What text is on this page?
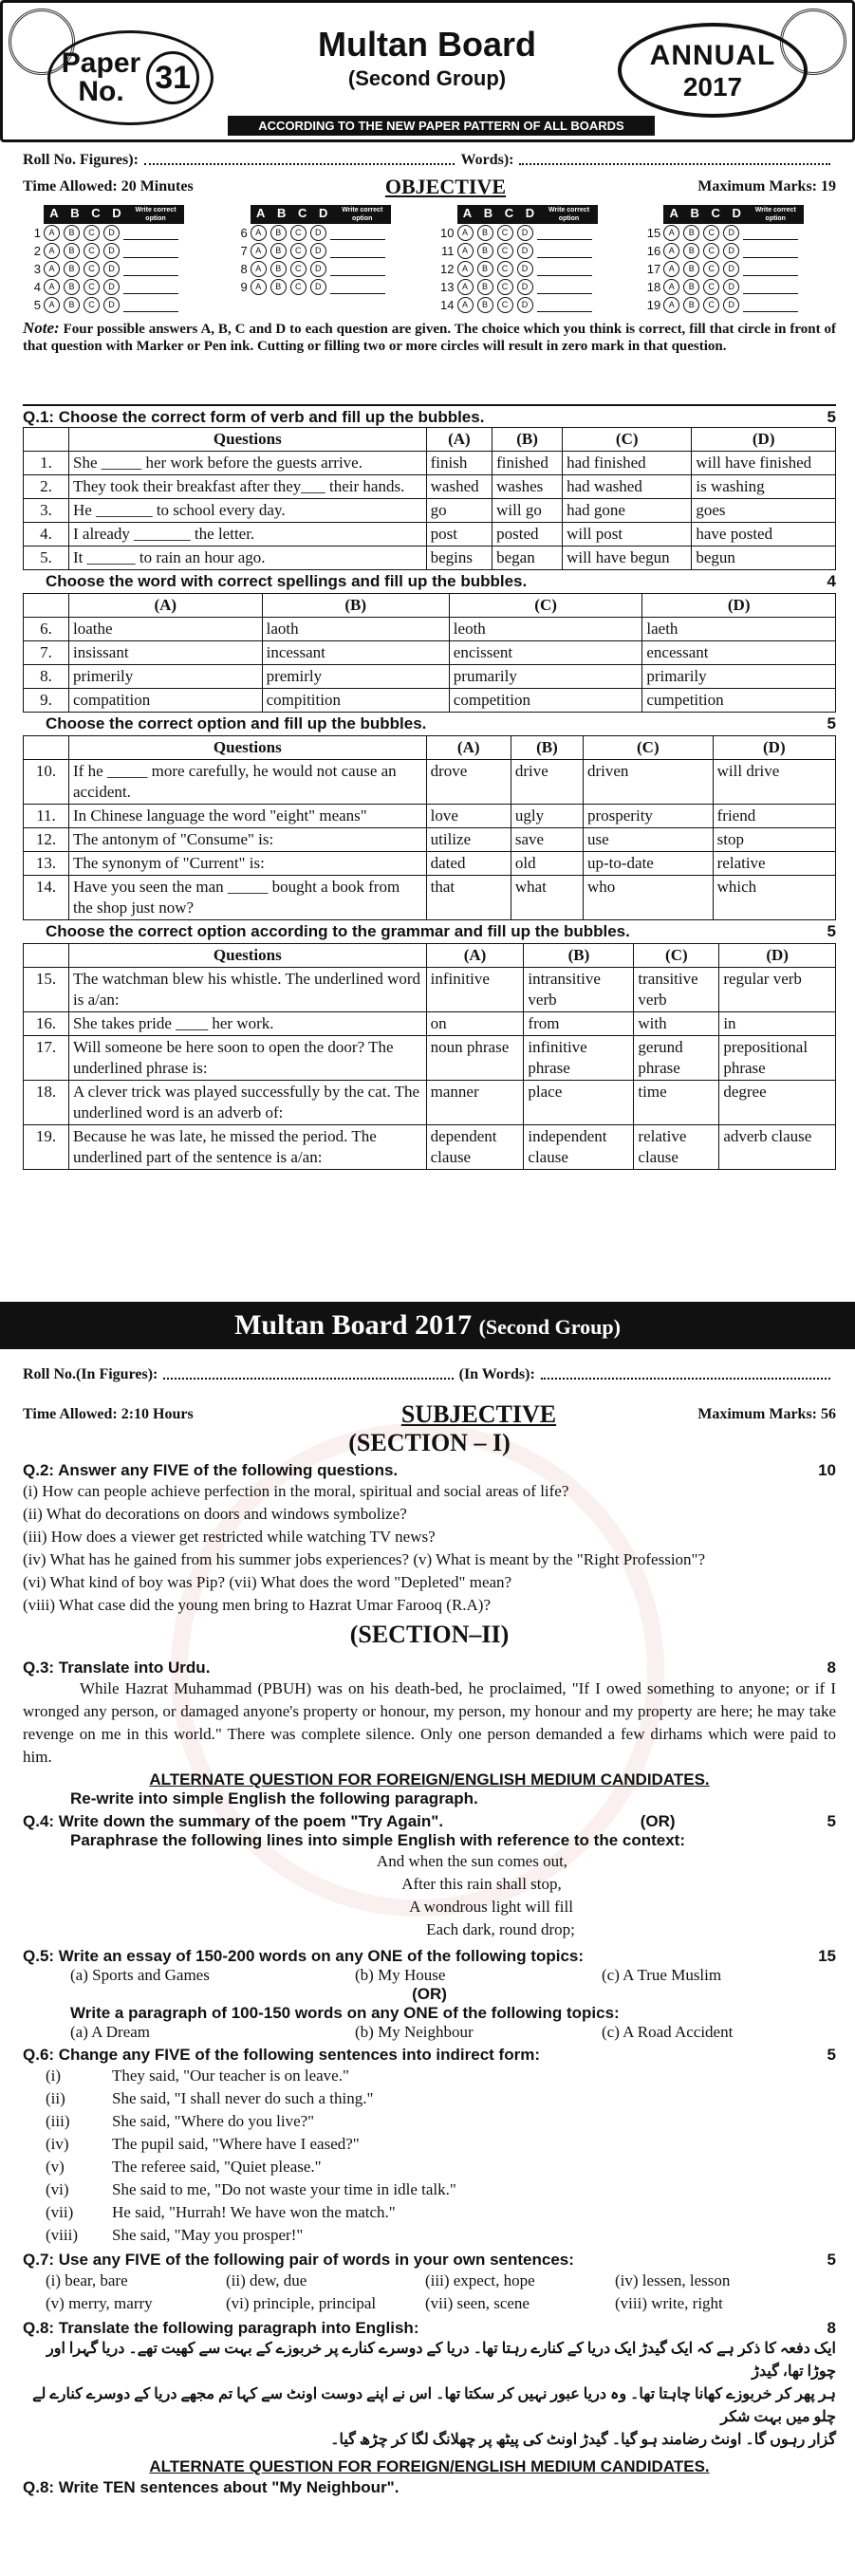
Paper
No. 31
Multan Board
(Second Group)
ANNUAL
2017
ACCORDING TO THE NEW PAPER PATTERN OF ALL BOARDS
Roll No. Figures):	Words):
Time Allowed: 20 Minutes	OBJECTIVE	Maximum Marks: 19
A B C D	Write correct option
1 A	B	C	D
2 A	B	C	D
3 A	B	C	D
4 A	B	C	D
5 A	B	C	D
A B C D	Write correct option
6 A	B	C	D
7 A	B	C	D
8 A	B	C	D
9 A	B	C	D
A B C D	Write correct option
10 A	B	C	D
11 A	B	C	D
12 A	B	C	D
13 A	B	C	D
14 A	B	C	D
A B C D	Write correct option
15 A	B	C	D
16 A	B	C	D
17 A	B	C	D
18 A	B	C	D
19 A	B	C	D
Note: Four possible answers A, B, C and D to each question are given. The choice which you think is correct, fill that circle in front of that question with Marker or Pen ink. Cutting or filling two or more circles will result in zero mark in that question.
Q.1: Choose the correct form of verb and fill up the bubbles.	5
	Questions	(A)	(B)	(C)	(D)
1.	She _____ her work before the guests arrive.	finish	finished	had finished	will have finished
2.	They took their breakfast after they___ their hands.	washed	washes	had washed	is washing
3.	He _______ to school every day.	go	will go	had gone	goes
4.	I already _______ the letter.	post	posted	will post	have posted
5.	It ______ to rain an hour ago.	begins	began	will have begun	begun
Choose the word with correct spellings and fill up the bubbles.	4
	(A)	(B)	(C)	(D)
6.	loathe	laoth	leoth	laeth
7.	insissant	incessant	encissent	encessant
8.	primerily	premirly	prumarily	primarily
9.	compatition	compitition	competition	cumpetition
Choose the correct option and fill up the bubbles.	5
	Questions	(A)	(B)	(C)	(D)
10.	If he _____ more carefully, he would not cause an accident.	drove	drive	driven	will drive
11.	In Chinese language the word "eight" means"	love	ugly	prosperity	friend
12.	The antonym of "Consume" is:	utilize	save	use	stop
13.	The synonym of "Current" is:	dated	old	up-to-date	relative
14.	Have you seen the man _____ bought a book from the shop just now?	that	what	who	which
Choose the correct option according to the grammar and fill up the bubbles.	5
	Questions	(A)	(B)	(C)	(D)
15.	The watchman blew his whistle. The underlined word is a/an:	infinitive	intransitive verb	transitive verb	regular verb
16.	She takes pride ____ her work.	on	from	with	in
17.	Will someone be here soon to open the door? The underlined phrase is:	noun phrase	infinitive phrase	gerund phrase	prepositional phrase
18.	A clever trick was played successfully by the cat. The underlined word is an adverb of:	manner	place	time	degree
19.	Because he was late, he missed the period. The underlined part of the sentence is a/an:	dependent clause	independent clause	relative clause	adverb clause
Multan Board 2017 (Second Group)
Roll No.(In Figures):	(In Words):
Time Allowed: 2:10 Hours	SUBJECTIVE	Maximum Marks: 56
(SECTION – I)
Q.2: Answer any FIVE of the following questions.	10
(i) How can people achieve perfection in the moral, spiritual and social areas of life?
(ii) What do decorations on doors and windows symbolize?
(iii) How does a viewer get restricted while watching TV news?
(iv) What has he gained from his summer jobs experiences? (v) What is meant by the "Right Profession"?
(vi) What kind of boy was Pip? (vii) What does the word "Depleted" mean?
(viii) What case did the young men bring to Hazrat Umar Farooq (R.A)?
(SECTION–II)
Q.3: Translate into Urdu.	8
While Hazrat Muhammad (PBUH) was on his death-bed, he proclaimed, "If I owed something to anyone; or if I wronged any person, or damaged anyone's property or honour, my person, my honour and my property are here; he may take revenge on me in this world." There was complete silence. Only one person demanded a few dirhams which were paid to him.
ALTERNATE QUESTION FOR FOREIGN/ENGLISH MEDIUM CANDIDATES.
Re-write into simple English the following paragraph.
Q.4: Write down the summary of the poem "Try Again".	(OR)	5
Paraphrase the following lines into simple English with reference to the context:
And when the sun comes out,
After this rain shall stop,
A wondrous light will fill
Each dark, round drop;
Q.5: Write an essay of 150-200 words on any ONE of the following topics:	15
(a) Sports and Games	(b) My House	(c) A True Muslim
(OR)
Write a paragraph of 100-150 words on any ONE of the following topics:
(a) A Dream	(b) My Neighbour	(c) A Road Accident
Q.6: Change any FIVE of the following sentences into indirect form:	5
(i)	They said, "Our teacher is on leave."
(ii)	She said, "I shall never do such a thing."
(iii)	She said, "Where do you live?"
(iv)	The pupil said, "Where have I eased?"
(v)	The referee said, "Quiet please."
(vi)	She said to me, "Do not waste your time in idle talk."
(vii)	He said, "Hurrah! We have won the match."
(viii)	She said, "May you prosper!"
Q.7: Use any FIVE of the following pair of words in your own sentences:	5
(i) bear, bare	(ii) dew, due	(iii) expect, hope	(iv) lessen, lesson
(v) merry, marry	(vi) principle, principal	(vii) seen, scene	(viii) write, right
Q.8: Translate the following paragraph into English:	8
ایک دفعہ کا ذکر ہے کہ ایک گیدڑ ایک دریا کے کنارے رہتا تھا۔ دریا کے دوسرے کنارے پر خربوزے کے بہت سے کھیت تھے۔ دریا گہرا اور چوڑا تھا، گیدڑ
ہر پھر کر خربوزے کھانا چاہتا تھا۔ وہ دریا عبور نہیں کر سکتا تھا۔ اس نے اپنے دوست اونٹ سے کہا تم مجھے دریا کے دوسرے کنارے لے چلو میں بہت شکر
گزار رہوں گا۔ اونٹ رضامند ہو گیا۔ گیدڑ اونٹ کی پیٹھ پر چھلانگ لگا کر چڑھ گیا۔
ALTERNATE QUESTION FOR FOREIGN/ENGLISH MEDIUM CANDIDATES.
Q.8: Write TEN sentences about "My Neighbour".
